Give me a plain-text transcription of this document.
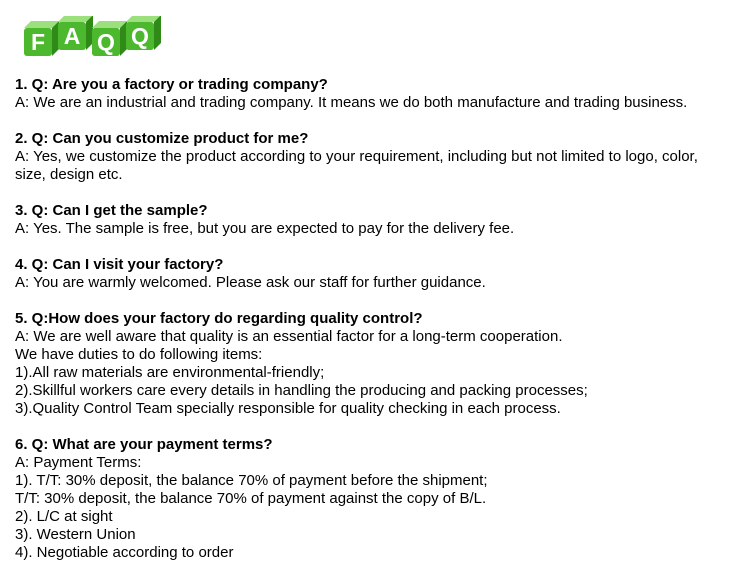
F A Q Q

1. Q: Are you a factory or trading company?

A: We are an industrial and trading company. It means we do both manufacture and trading business.

2. Q: Can you customize product for me?

A: Yes, we customize the product according to your requirement, including but not limited to logo, color, size, design etc.

3. Q: Can I get the sample?

A: Yes. The sample is free, but you are expected to pay for the delivery fee.

4. Q: Can I visit your factory?

A: You are warmly welcomed. Please ask our staff for further guidance.

5. Q:How does your factory do regarding quality control?

A: We are well aware that quality is an essential factor for a long-term cooperation.

We have duties to do following items:

1).All raw materials are environmental-friendly;

2).Skillful workers care every details in handling the producing and packing processes;

3).Quality Control Team specially responsible for quality checking in each process.

6. Q: What are your payment terms?

A: Payment Terms:

1). T/T: 30% deposit, the balance 70% of payment before the shipment;

T/T: 30% deposit, the balance 70% of payment against the copy of B/L.

2). L/C at sight

3). Western Union

4). Negotiable according to order
